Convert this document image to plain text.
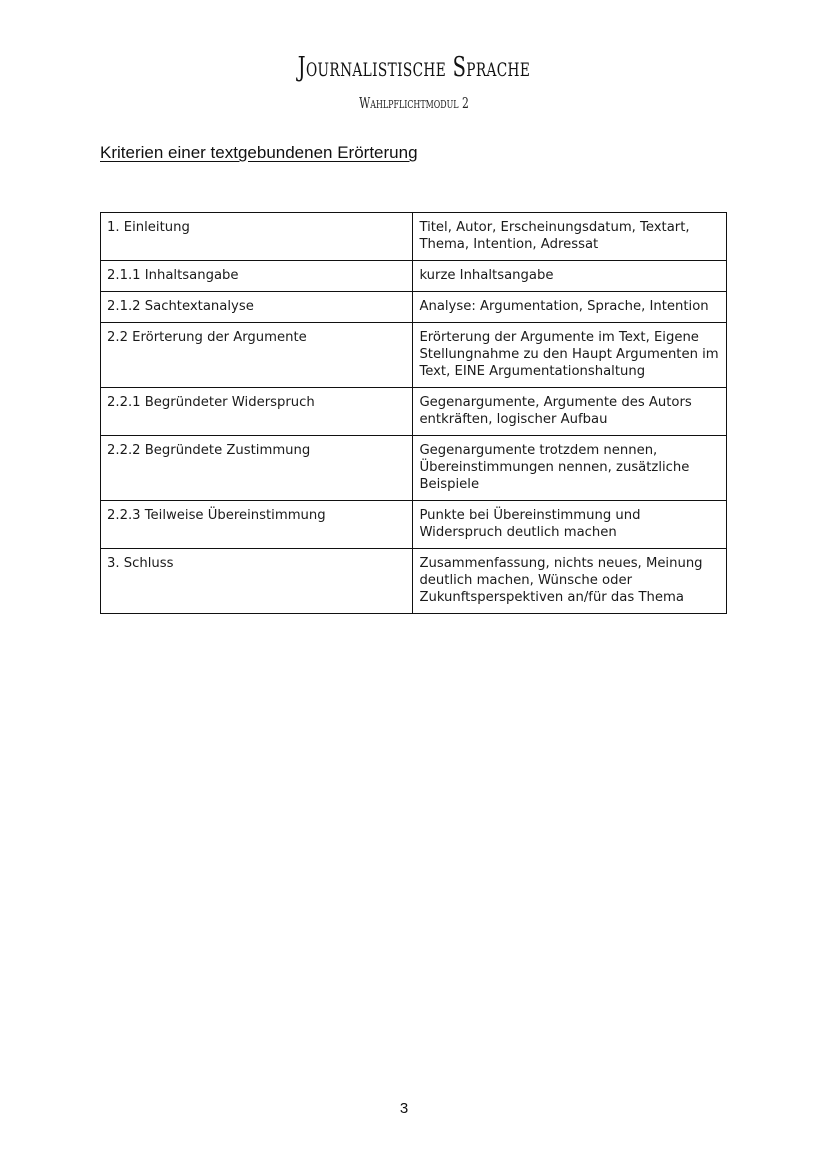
Journalistische Sprache
Wahlpflichtmodul 2
Kriterien einer textgebundenen Erörterung
1. Einleitung	Titel, Autor, Erscheinungsdatum, Textart, Thema, Intention, Adressat
2.1.1 Inhaltsangabe	kurze Inhaltsangabe
2.1.2 Sachtextanalyse	Analyse: Argumentation, Sprache, Intention
2.2 Erörterung der Argumente	Erörterung der Argumente im Text, Eigene Stellungnahme zu den Haupt Argumenten im Text, EINE Argumentationshaltung
2.2.1 Begründeter Widerspruch	Gegenargumente, Argumente des Autors entkräften, logischer Aufbau
2.2.2 Begründete Zustimmung	Gegenargumente trotzdem nennen, Übereinstimmungen nennen, zusätzliche Beispiele
2.2.3 Teilweise Übereinstimmung	Punkte bei Übereinstimmung und Widerspruch deutlich machen
3. Schluss	Zusammenfassung, nichts neues, Meinung deutlich machen, Wünsche oder Zukunftsperspektiven an/für das Thema
3
